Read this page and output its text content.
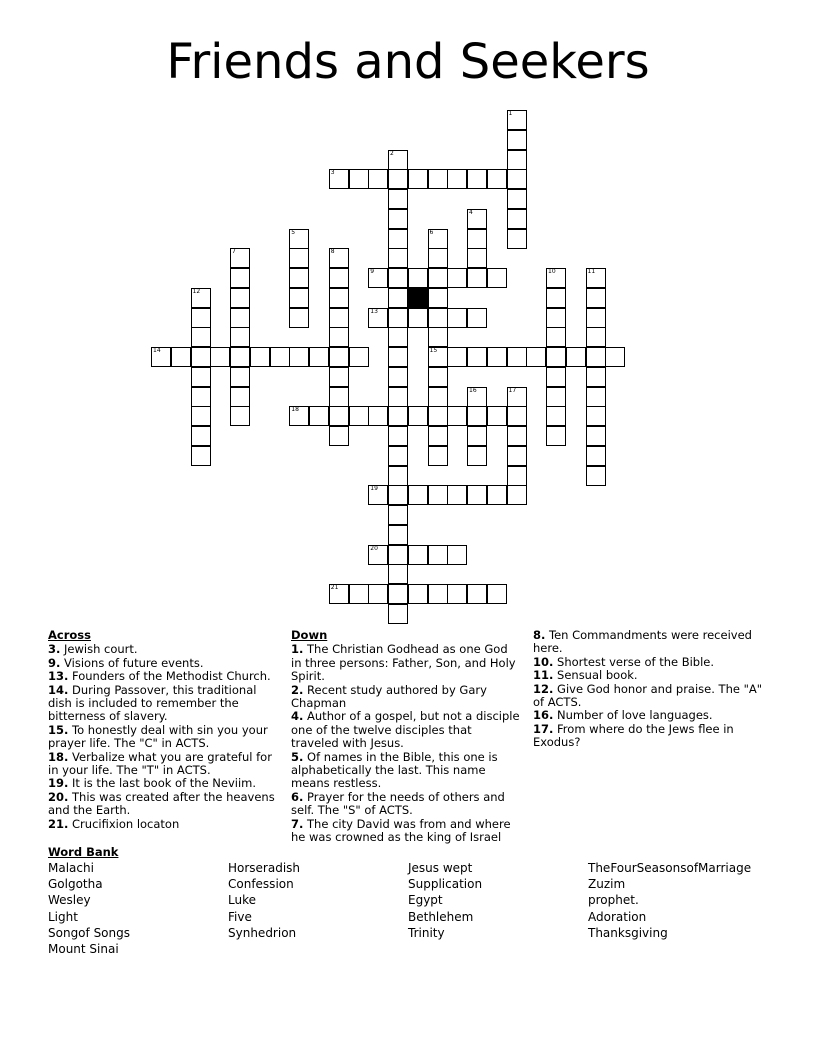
Friends and Seekers
1
2
3
4
5	6
15
7	8
9	10	11
12
13
14
16	17
18
19
20
21
Across
3. Jewish court.
9. Visions of future events.
13. Founders of the Methodist Church.
14. During Passover, this traditional dish is included to remember the bitterness of slavery.
15. To honestly deal with sin you your prayer life. The "C" in ACTS.
18. Verbalize what you are grateful for in your life. The "T" in ACTS.
19. It is the last book of the Neviim.
20. This was created after the heavens and the Earth.
21. Crucifixion locaton
Down
1. The Christian Godhead as one God in three persons: Father, Son, and Holy Spirit.
2. Recent study authored by Gary Chapman
4. Author of a gospel, but not a disciple one of the twelve disciples that traveled with Jesus.
5. Of names in the Bible, this one is alphabetically the last. This name means restless.
6. Prayer for the needs of others and self. The "S" of ACTS.
7. The city David was from and where he was crowned as the king of Israel
8. Ten Commandments were received here.
10. Shortest verse of the Bible.
11. Sensual book.
12. Give God honor and praise. The "A" of ACTS.
16. Number of love languages.
17. From where do the Jews flee in Exodus?
Word Bank
Malachi
Golgotha
Wesley
Light
Songof Songs
Mount Sinai
Horseradish
Confession
Luke
Five
Synhedrion
Jesus wept
Supplication
Egypt
Bethlehem
Trinity
TheFourSeasonsofMarriage
Zuzim
prophet.
Adoration
Thanksgiving
